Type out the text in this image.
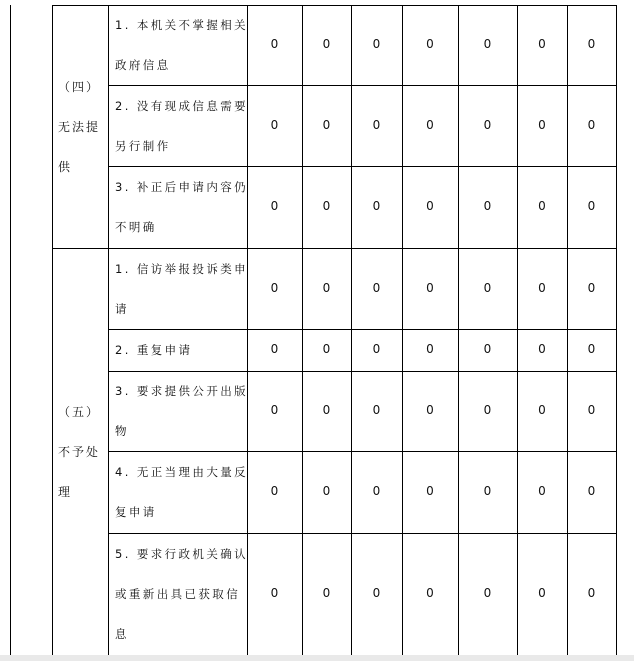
（四）
无法提
供
1. 本机关不掌握相关
政府信息
0	0	0	0	0	0	0
2. 没有现成信息需要
另行制作
0	0	0	0	0	0	0
3. 补正后申请内容仍
不明确
0	0	0	0	0	0	0
（五）
不予处
理
1. 信访举报投诉类申
请
0	0	0	0	0	0	0
2. 重复申请	0	0	0	0	0	0	0
3. 要求提供公开出版
物
0	0	0	0	0	0	0
4. 无正当理由大量反
复申请
0	0	0	0	0	0	0
5. 要求行政机关确认
或重新出具已获取信
息
0	0	0	0	0	0	0
